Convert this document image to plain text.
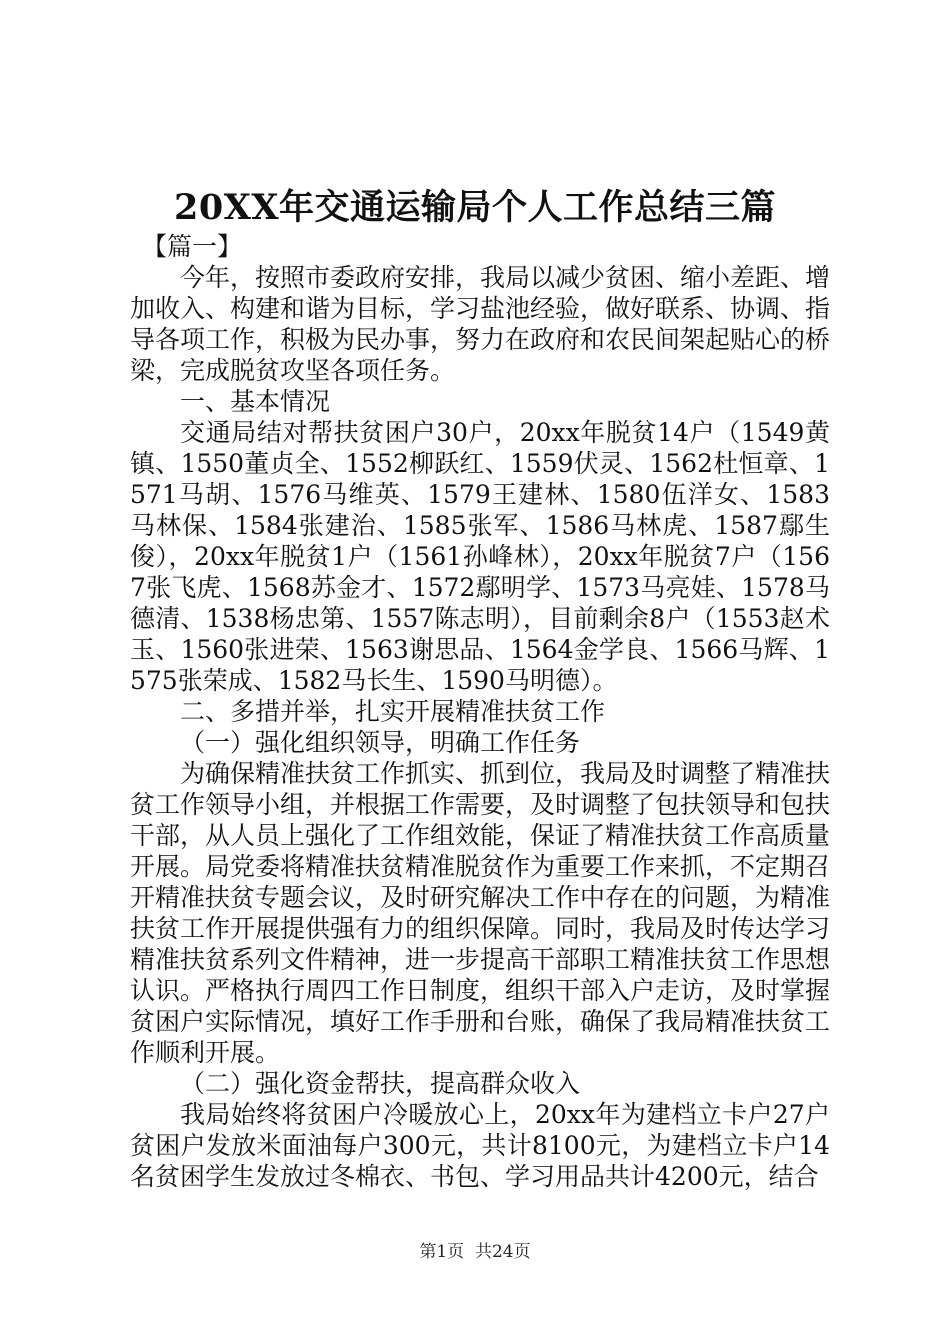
20XX年交通运输局个人工作总结三篇

【篇一】

今年，按照市委政府安排，我局以减少贫困、缩小差距、增加收入、构建和谐为目标，学习盐池经验，做好联系、协调、指导各项工作，积极为民办事，努力在政府和农民间架起贴心的桥梁，完成脱贫攻坚各项任务。

一、基本情况

交通局结对帮扶贫困户30户，20xx年脱贫14户（1549黄镇、1550董贞全、1552柳跃红、1559伏灵、1562杜恒章、1571马胡、1576马维英、1579王建林、1580伍洋女、1583马林保、1584张建治、1585张军、1586马林虎、1587鄢生俊），20xx年脱贫1户（1561孙峰林），20xx年脱贫7户（1567张飞虎、1568苏金才、1572鄢明学、1573马亮娃、1578马德清、1538杨忠第、1557陈志明），目前剩余8户（1553赵术玉、1560张进荣、1563谢思品、1564金学良、1566马辉、1575张荣成、1582马长生、1590马明德）。

二、多措并举，扎实开展精准扶贫工作

（一）强化组织领导，明确工作任务

为确保精准扶贫工作抓实、抓到位，我局及时调整了精准扶贫工作领导小组，并根据工作需要，及时调整了包扶领导和包扶干部，从人员上强化了工作组效能，保证了精准扶贫工作高质量开展。局党委将精准扶贫精准脱贫作为重要工作来抓，不定期召开精准扶贫专题会议，及时研究解决工作中存在的问题，为精准扶贫工作开展提供强有力的组织保障。同时，我局及时传达学习精准扶贫系列文件精神，进一步提高干部职工精准扶贫工作思想认识。严格执行周四工作日制度，组织干部入户走访，及时掌握贫困户实际情况，填好工作手册和台账，确保了我局精准扶贫工作顺利开展。

（二）强化资金帮扶，提高群众收入

我局始终将贫困户冷暖放心上，20xx年为建档立卡户27户贫困户发放米面油每户300元，共计8100元，为建档立卡户14名贫困学生发放过冬棉衣、书包、学习用品共计4200元，结合

第1页  共24页
